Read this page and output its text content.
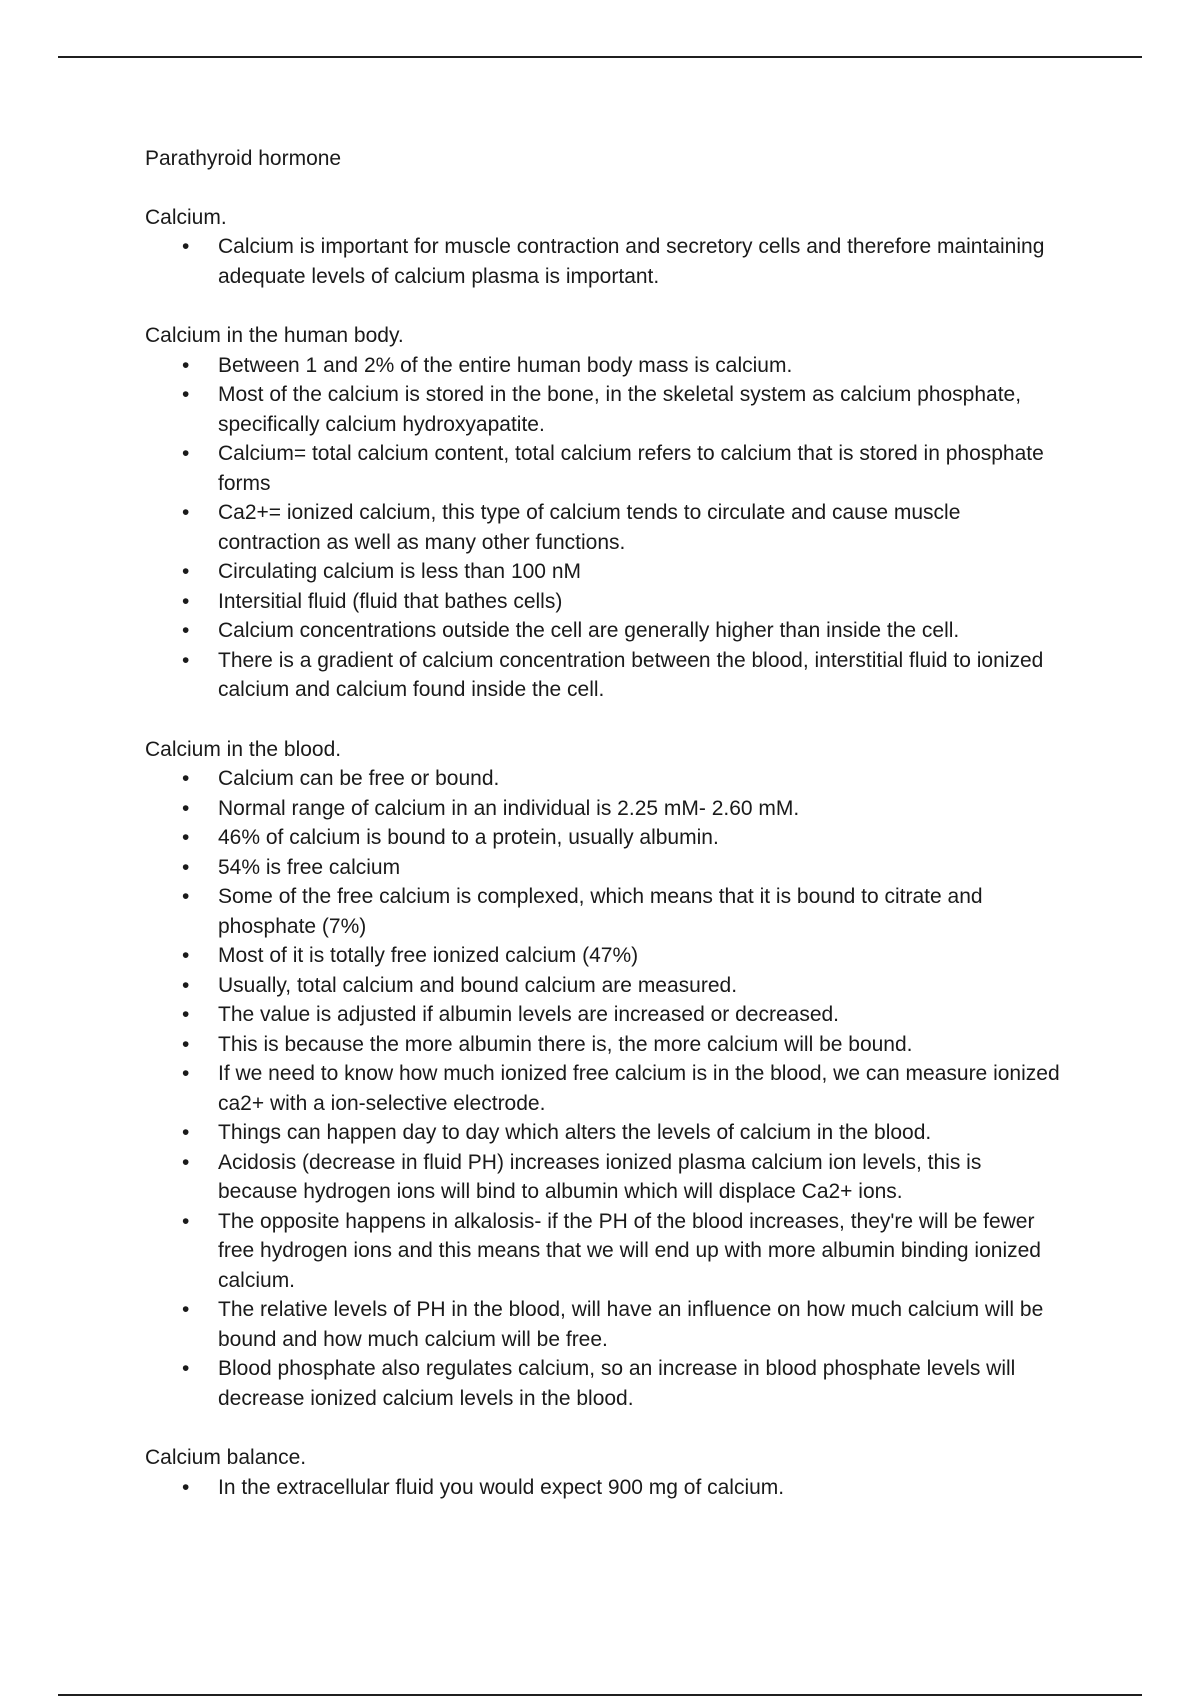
Parathyroid hormone
Calcium.
• Calcium is important for muscle contraction and secretory cells and therefore maintaining adequate levels of calcium plasma is important.
Calcium in the human body.
• Between 1 and 2% of the entire human body mass is calcium.
• Most of the calcium is stored in the bone, in the skeletal system as calcium phosphate, specifically calcium hydroxyapatite.
• Calcium= total calcium content, total calcium refers to calcium that is stored in phosphate forms
• Ca2+= ionized calcium, this type of calcium tends to circulate and cause muscle contraction as well as many other functions.
• Circulating calcium is less than 100 nM
• Intersitial fluid (fluid that bathes cells)
• Calcium concentrations outside the cell are generally higher than inside the cell.
• There is a gradient of calcium concentration between the blood, interstitial fluid to ionized calcium and calcium found inside the cell.
Calcium in the blood.
• Calcium can be free or bound.
• Normal range of calcium in an individual is 2.25 mM- 2.60 mM.
• 46% of calcium is bound to a protein, usually albumin.
• 54% is free calcium
• Some of the free calcium is complexed, which means that it is bound to citrate and phosphate (7%)
• Most of it is totally free ionized calcium (47%)
• Usually, total calcium and bound calcium are measured.
• The value is adjusted if albumin levels are increased or decreased.
• This is because the more albumin there is, the more calcium will be bound.
• If we need to know how much ionized free calcium is in the blood, we can measure ionized ca2+ with a ion-selective electrode.
• Things can happen day to day which alters the levels of calcium in the blood.
• Acidosis (decrease in fluid PH) increases ionized plasma calcium ion levels, this is because hydrogen ions will bind to albumin which will displace Ca2+ ions.
• The opposite happens in alkalosis- if the PH of the blood increases, they're will be fewer free hydrogen ions and this means that we will end up with more albumin binding ionized calcium.
• The relative levels of PH in the blood, will have an influence on how much calcium will be bound and how much calcium will be free.
• Blood phosphate also regulates calcium, so an increase in blood phosphate levels will decrease ionized calcium levels in the blood.
Calcium balance.
• In the extracellular fluid you would expect 900 mg of calcium.
